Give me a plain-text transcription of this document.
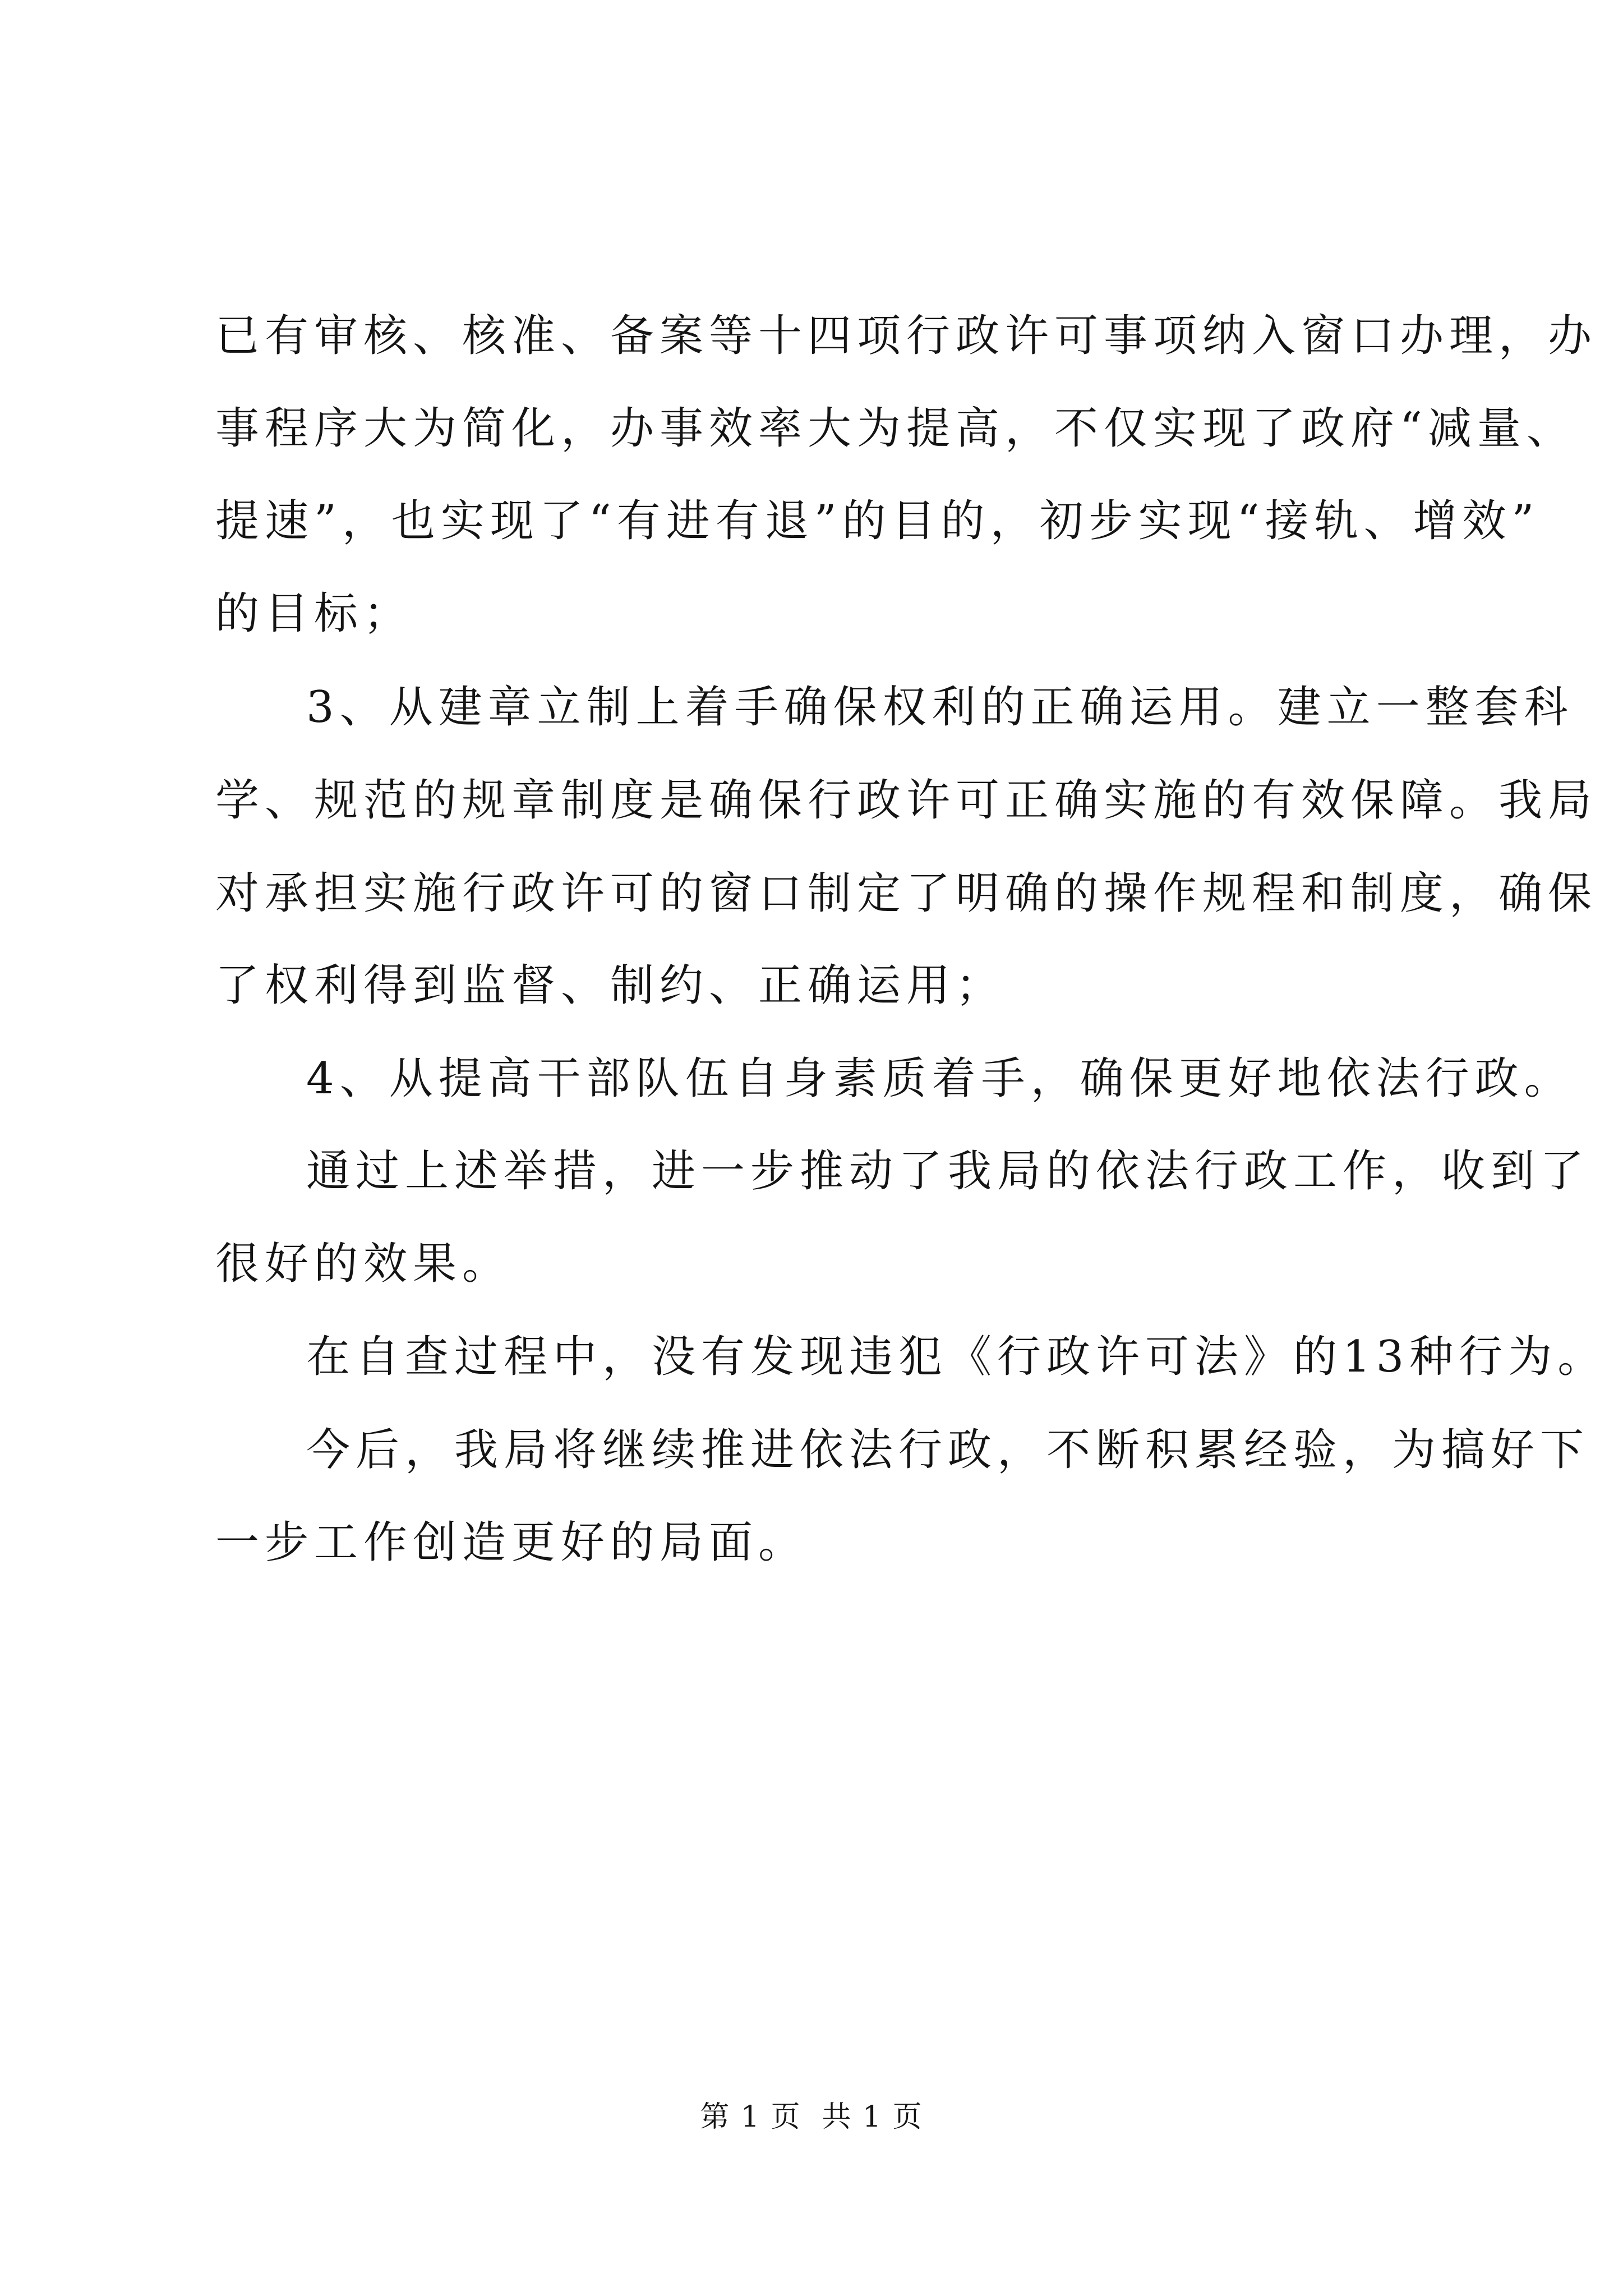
已有审核、核准、备案等十四项行政许可事项纳入窗口办理，办
事程序大为简化，办事效率大为提高，不仅实现了政府“减量、
提速”，也实现了“有进有退”的目的，初步实现“接轨、增效”
的目标；
3、从建章立制上着手确保权利的正确运用。建立一整套科
学、规范的规章制度是确保行政许可正确实施的有效保障。我局
对承担实施行政许可的窗口制定了明确的操作规程和制度，确保
了权利得到监督、制约、正确运用；
4、从提高干部队伍自身素质着手，确保更好地依法行政。
通过上述举措，进一步推动了我局的依法行政工作，收到了
很好的效果。
在自查过程中，没有发现违犯《行政许可法》的13种行为。
今后，我局将继续推进依法行政，不断积累经验，为搞好下
一步工作创造更好的局面。
第 1 页  共 1 页
